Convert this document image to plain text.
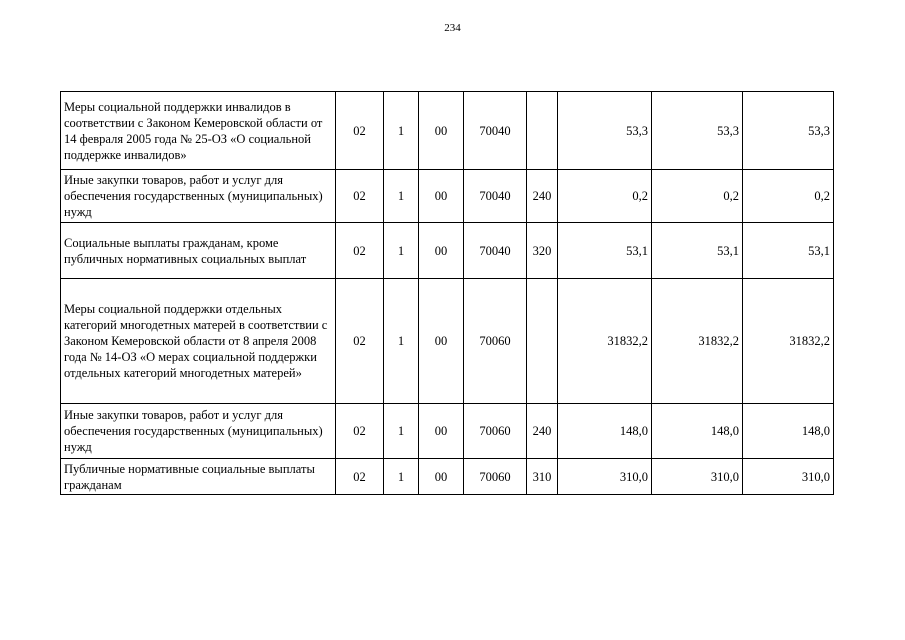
234
Меры социальной поддержки инвалидов в соответствии с Законом Кемеровской области от 14 февраля 2005 года № 25-ОЗ «О социальной поддержке инвалидов»	02	1	00	70040		53,3	53,3	53,3
Иные закупки товаров, работ и услуг для обеспечения государственных (муниципальных) нужд	02	1	00	70040	240	0,2	0,2	0,2
Социальные выплаты гражданам, кроме публичных нормативных социальных выплат	02	1	00	70040	320	53,1	53,1	53,1
Меры социальной поддержки отдельных категорий многодетных матерей в соответствии с Законом Кемеровской области от 8 апреля 2008 года № 14-ОЗ «О мерах социальной поддержки отдельных категорий многодетных матерей»	02	1	00	70060		31832,2	31832,2	31832,2
Иные закупки товаров, работ и услуг для обеспечения государственных (муниципальных) нужд	02	1	00	70060	240	148,0	148,0	148,0
Публичные нормативные социальные выплаты гражданам	02	1	00	70060	310	310,0	310,0	310,0
